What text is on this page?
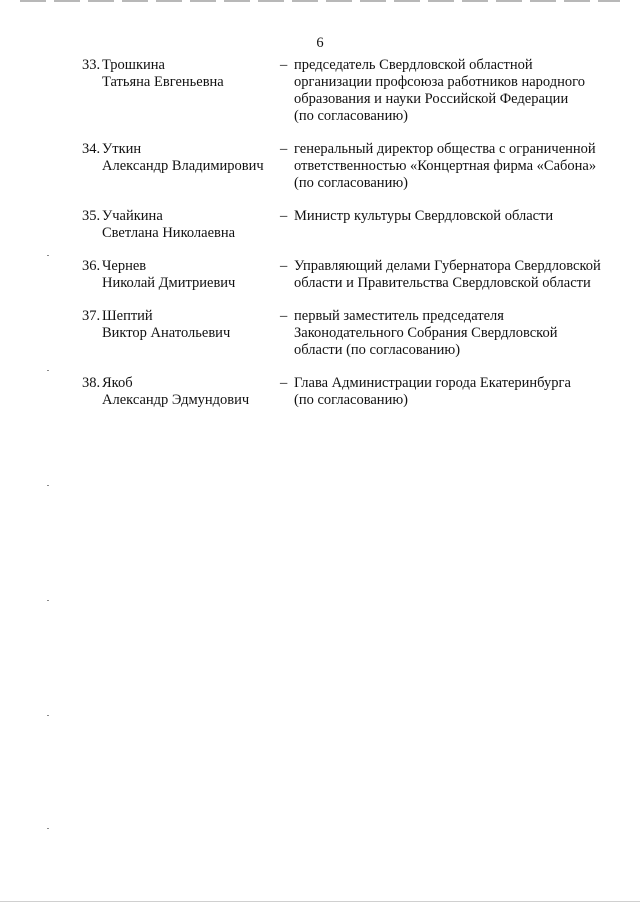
6
33. Трошкина
Татьяна Евгеньевна
– председатель Свердловской областной
организации профсоюза работников народного
образования и науки Российской Федерации
(по согласованию)
34. Уткин
Александр Владимирович
– генеральный директор общества с ограниченной
ответственностью «Концертная фирма «Сабона»
(по согласованию)
35. Учайкина
Светлана Николаевна
– Министр культуры Свердловской области
36. Чернев
Николай Дмитриевич
– Управляющий делами Губернатора Свердловской
области и Правительства Свердловской области
37. Шептий
Виктор Анатольевич
– первый заместитель председателя
Законодательного Собрания Свердловской
области (по согласованию)
38. Якоб
Александр Эдмундович
– Глава Администрации города Екатеринбурга
(по согласованию)
